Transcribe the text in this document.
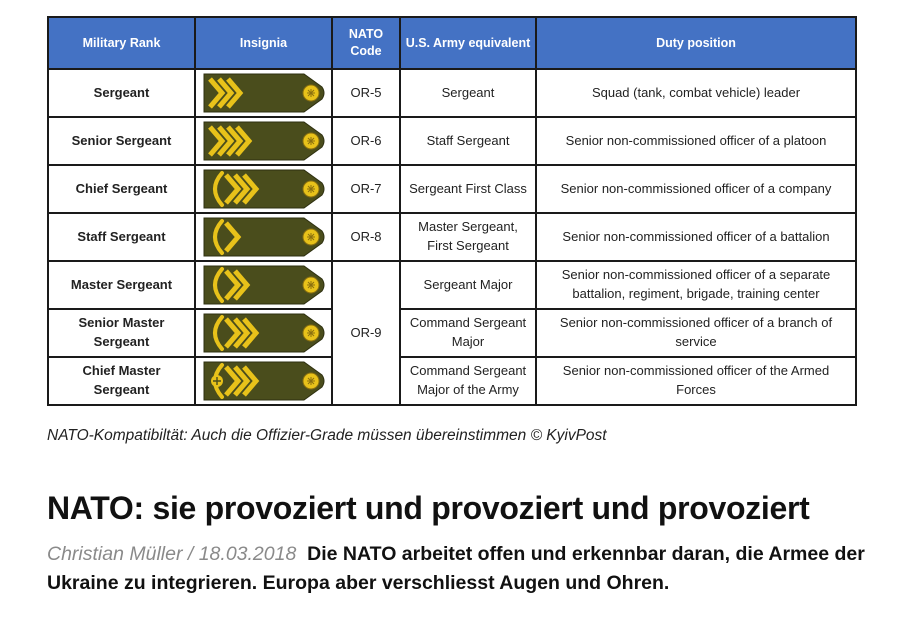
Military Rank	Insignia	NATO Code	U.S. Army equivalent	Duty position
Sergeant		OR-5	Sergeant	Squad (tank, combat vehicle) leader
Senior Sergeant		OR-6	Staff Sergeant	Senior non-commissioned officer of a platoon
Chief Sergeant		OR-7	Sergeant First Class	Senior non-commissioned officer of a company
Staff Sergeant		OR-8	Master Sergeant, First Sergeant	Senior non-commissioned officer of a battalion
Master Sergeant		OR-9	Sergeant Major	Senior non-commissioned officer of a separate battalion, regiment, brigade, training center
Senior Master Sergeant			Command Sergeant Major	Senior non-commissioned officer of a branch of service
Chief Master Sergeant			Command Sergeant Major of the Army	Senior non-commissioned officer of the Armed Forces
NATO-Kompatibiltät: Auch die Offizier-Grade müssen übereinstimmen © KyivPost
NATO: sie provoziert und provoziert und provoziert
Christian Müller / 18.03.2018 Die NATO arbeitet offen und erkennbar daran, die Armee der Ukraine zu integrieren. Europa aber verschliesst Augen und Ohren.
